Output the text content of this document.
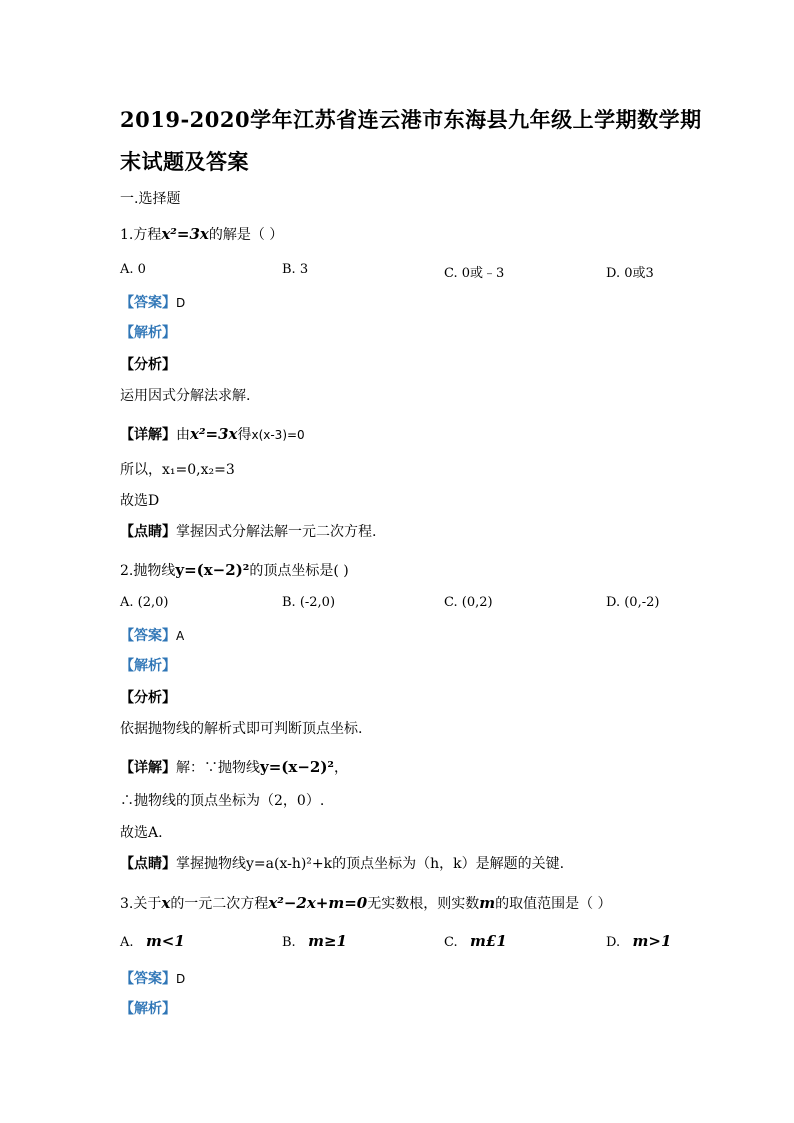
2019-2020学年江苏省连云港市东海县九年级上学期数学期
末试题及答案
一.选择题
1.方程x²=3x的解是（ ）
A. 0	B. 3	C. 0或﹣3	D. 0或3
【答案】D
【解析】
【分析】
运用因式分解法求解.
【详解】由x²=3x得x(x-3)=0
所以，x₁=0,x₂=3
故选D
【点睛】掌握因式分解法解一元二次方程.
2.抛物线y=(x−2)²的顶点坐标是( )
A. (2,0)	B. (-2,0)	C. (0,2)	D. (0,-2)
【答案】A
【解析】
【分析】
依据抛物线的解析式即可判断顶点坐标.
【详解】解：∵抛物线y=(x−2)²，
∴抛物线的顶点坐标为（2，0）.
故选A.
【点睛】掌握抛物线y=a(x-h)²+k的顶点坐标为（h，k）是解题的关键.
3.关于x的一元二次方程x²−2x+m=0无实数根，则实数m的取值范围是（ ）
A. m<1	B. m≥1	C. m£1	D. m>1
【答案】D
【解析】
